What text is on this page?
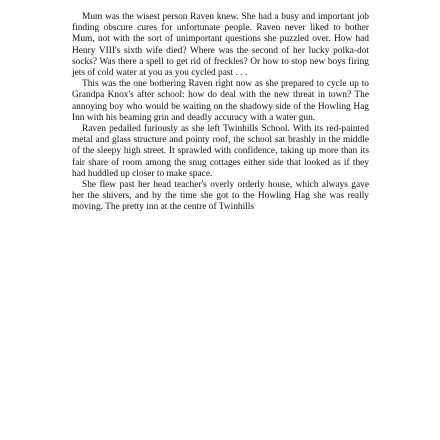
Mum was the wisest person Raven knew. She had a busy and important job finding obscure cures for unfortunate people. Raven never liked to bother Mum, not with the sort of unimportant questions she puzzled over. How had Henry VIII's sixth wife died? Where was the second of her lucky polka-dot socks? Was there a spell to get rid of freckles? Or how to stop new boys firing jets of cold water at you as you cycled past . . .

This was the one bothering Raven right now as she prepared to cycle up to Grandpa Knox's after school: how do deal with the new threat in town? The annoying boy who would be waiting on the shadowy side of the Howling Hag Inn with his beaming grin and deadly accuracy with a water gun.

Raven pedalled furiously as she left Twinhills School. With its red-painted metal and glass structure and pointy roof, the school sat brashly in the middle of the sleepy high street. It sprawled with confidence, taking up more than its fair share of room among the snug cottages either side that looked as if they had huddled up closer to make space.

She flew past her head teacher's overly orderly house, which always gave her the shivers, and by the time she got to the Howling Hag she was really moving. The pretty inn at the centre of Twinhills
